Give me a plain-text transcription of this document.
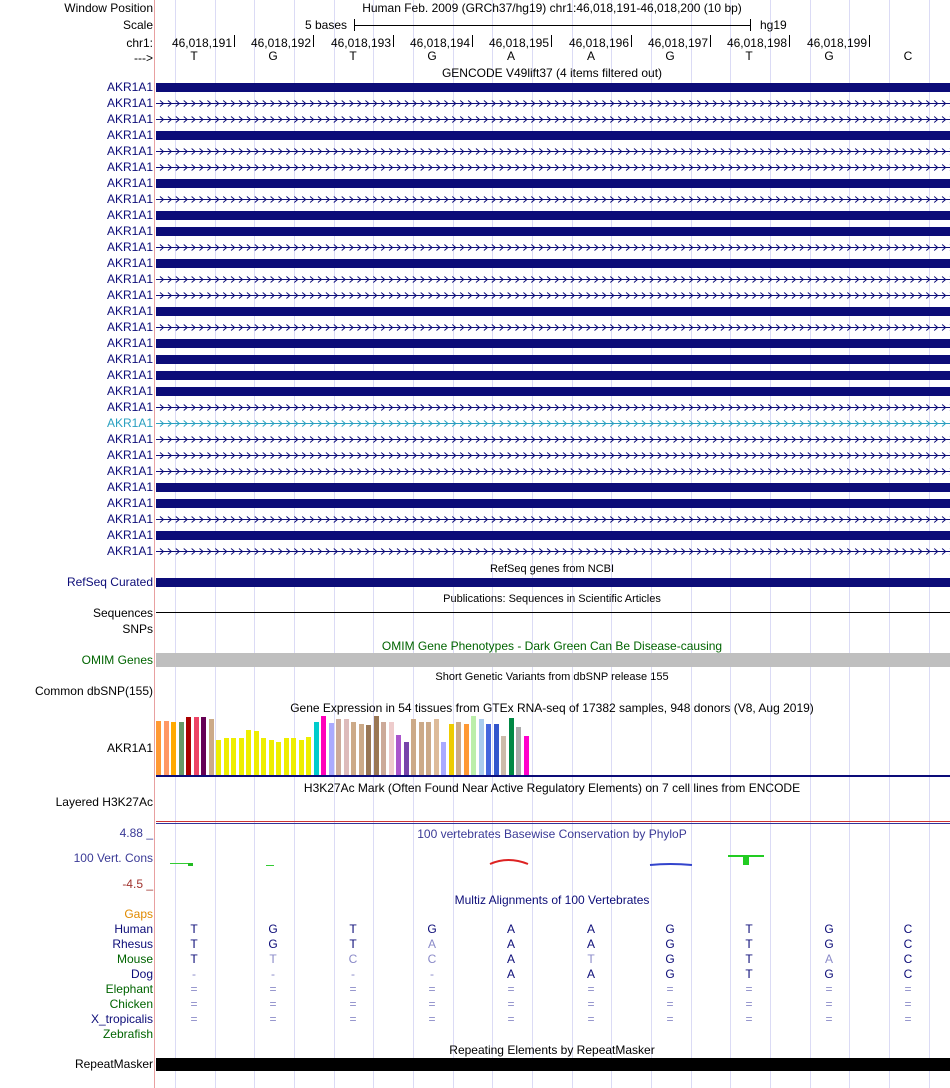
Window Position	Human Feb. 2009 (GRCh37/hg19) chr1:46,018,191-46,018,200 (10 bp)
Scale	5 bases	hg19
chr1:
--->
46,018,191	46,018,192	46,018,193	46,018,194	46,018,195	46,018,196	46,018,197	46,018,198	46,018,199
T	G	T	G	A	A	G	T	G	C
GENCODE V49lift37 (4 items filtered out)
AKR1A1
AKR1A1
AKR1A1
AKR1A1
AKR1A1
AKR1A1
AKR1A1
AKR1A1
AKR1A1
AKR1A1
AKR1A1
AKR1A1
AKR1A1
AKR1A1
AKR1A1
AKR1A1
AKR1A1
AKR1A1
AKR1A1
AKR1A1
AKR1A1
AKR1A1
AKR1A1
AKR1A1
AKR1A1
AKR1A1
AKR1A1
AKR1A1
AKR1A1
AKR1A1
RefSeq genes from NCBI
RefSeq Curated
Publications: Sequences in Scientific Articles
Sequences
SNPs
OMIM Gene Phenotypes - Dark Green Can Be Disease-causing
OMIM Genes
Short Genetic Variants from dbSNP release 155
Common dbSNP(155)
Gene Expression in 54 tissues from GTEx RNA-seq of 17382 samples, 948 donors (V8, Aug 2019)
AKR1A1
H3K27Ac Mark (Often Found Near Active Regulatory Elements) on 7 cell lines from ENCODE
Layered H3K27Ac
100 vertebrates Basewise Conservation by PhyloP
4.88 _
100 Vert. Cons
-4.5 _
Multiz Alignments of 100 Vertebrates
Gaps
Human	T	G	T	G	A	A	G	T	G	C
Rhesus	T	G	T	A	A	A	G	T	G	C
Mouse	T	T	C	C	A	T	G	T	A	C
Dog	-	-	-	-	A	A	G	T	G	C
Elephant	=	=	=	=	=	=	=	=	=	=
Chicken	=	=	=	=	=	=	=	=	=	=
X_tropicalis	=	=	=	=	=	=	=	=	=	=
Zebrafish
Repeating Elements by RepeatMasker
RepeatMasker
